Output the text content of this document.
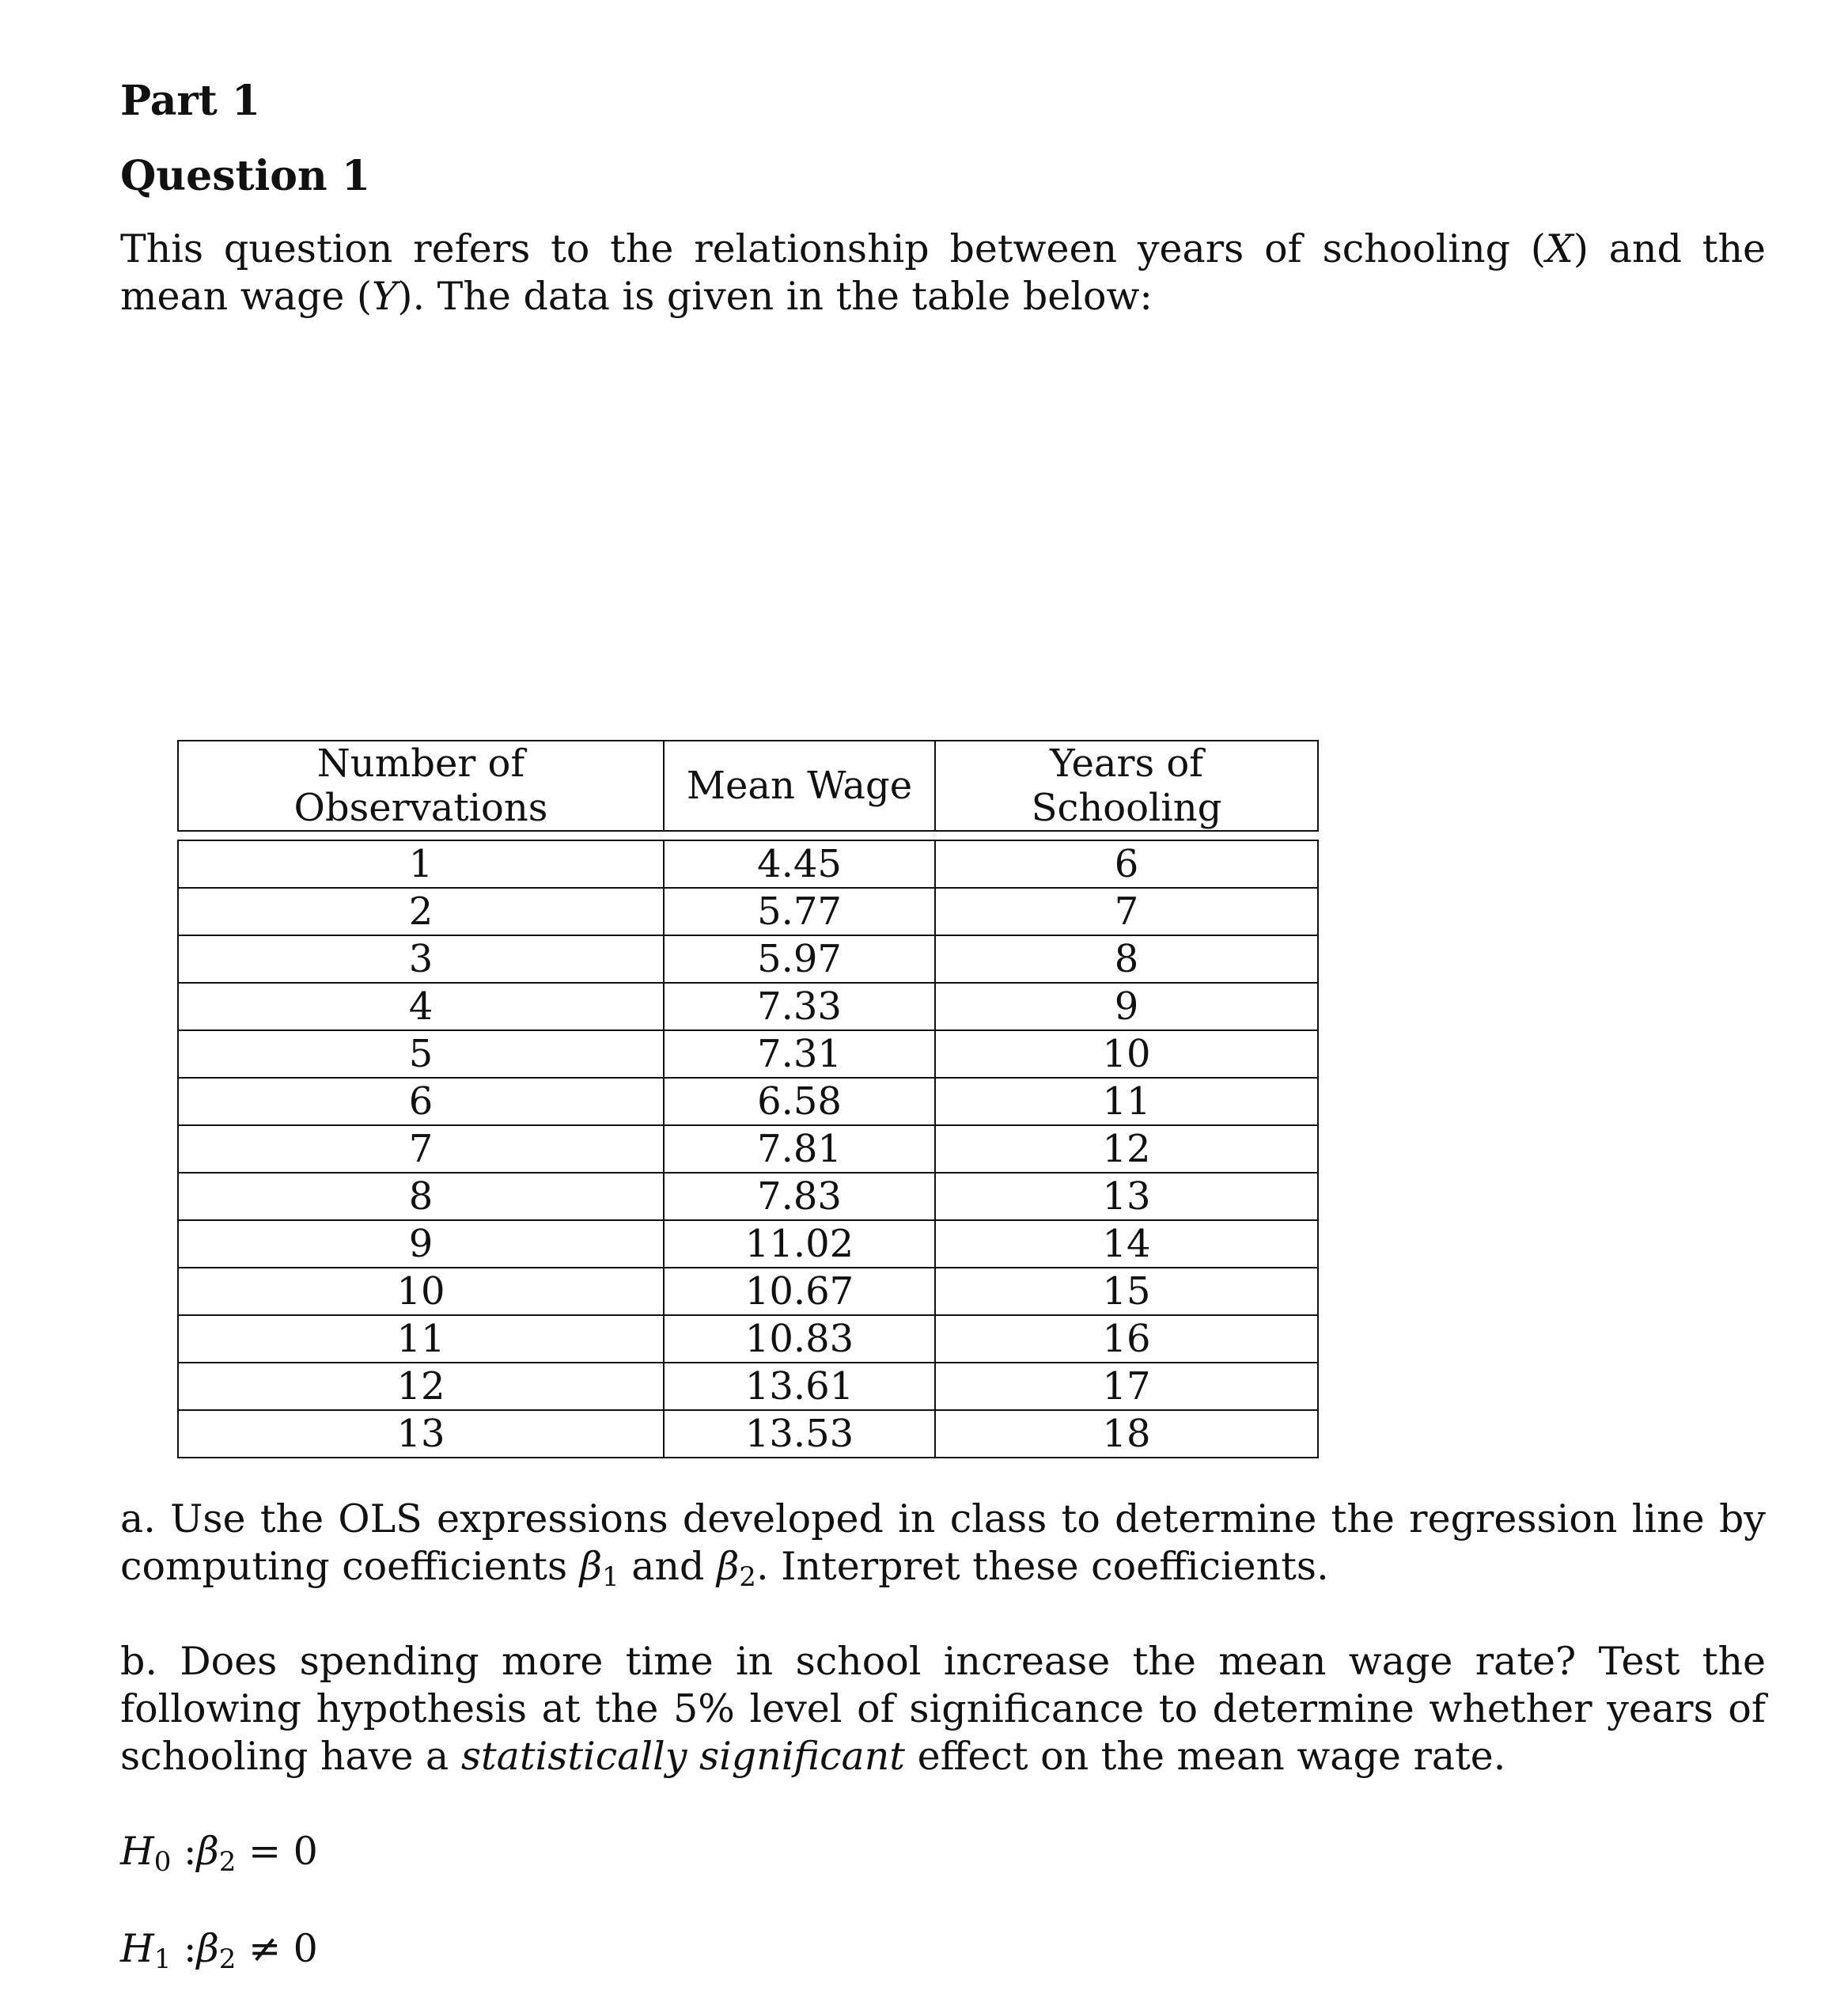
Part 1
Question 1
This question refers to the relationship between years of schooling (X) and the mean wage (Y). The data is given in the table below:
Number of Observations	Mean Wage	Years of Schooling

1	4.45	6
2	5.77	7
3	5.97	8
4	7.33	9
5	7.31	10
6	6.58	11
7	7.81	12
8	7.83	13
9	11.02	14
10	10.67	15
11	10.83	16
12	13.61	17
13	13.53	18
a. Use the OLS expressions developed in class to determine the regression line by computing coefficients $\beta_1$ and $\beta_2$. Interpret these coefficients.
b. Does spending more time in school increase the mean wage rate? Test the following hypothesis at the 5% level of significance to determine whether years of schooling have a statistically significant effect on the mean wage rate.
$H_0$ $:\beta_2 = 0$
$H_1$ $:\beta_2 \ne 0$
